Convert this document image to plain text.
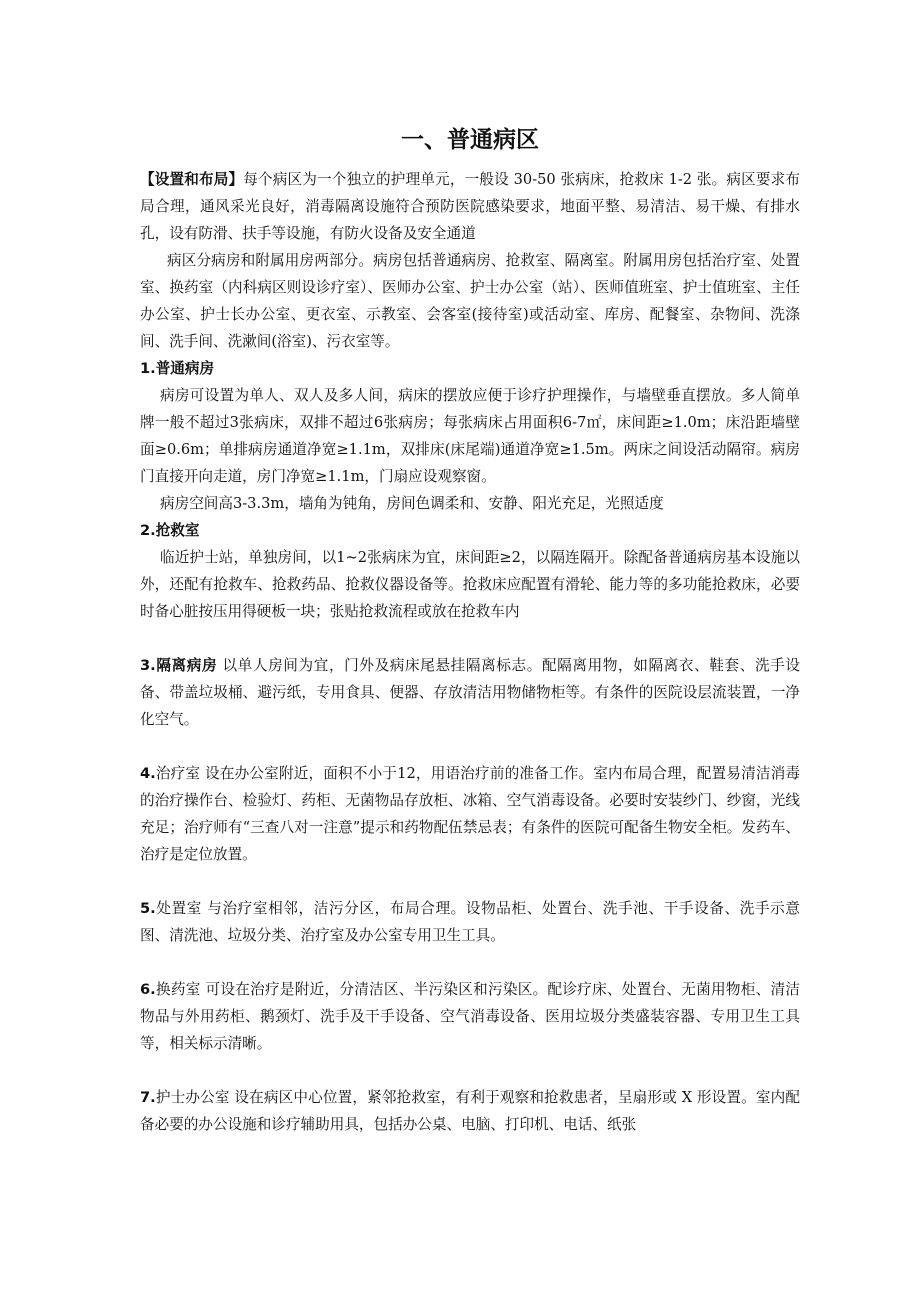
一、普通病区

【设置和布局】每个病区为一个独立的护理单元，一般设 30-50 张病床，抢救床 1-2 张。病区要求布局合理，通风采光良好，消毒隔离设施符合预防医院感染要求，地面平整、易清洁、易干燥、有排水孔，设有防滑、扶手等设施，有防火设备及安全通道

病区分病房和附属用房两部分。病房包括普通病房、抢救室、隔离室。附属用房包括治疗室、处置室、换药室（内科病区则设诊疗室）、医师办公室、护士办公室（站）、医师值班室、护士值班室、主任办公室、护士长办公室、更衣室、示教室、会客室(接待室)或活动室、库房、配餐室、杂物间、洗涤间、洗手间、洗漱间(浴室)、污衣室等。

1.普通病房

病房可设置为单人、双人及多人间，病床的摆放应便于诊疗护理操作，与墙壁垂直摆放。多人简单牌一般不超过3张病床，双排不超过6张病房；每张病床占用面积6-7㎡，床间距≥1.0m；床沿距墙壁面≥0.6m；单排病房通道净宽≥1.1m，双排床(床尾端)通道净宽≥1.5m。两床之间设活动隔帘。病房门直接开向走道，房门净宽≥1.1m，门扇应设观察窗。

病房空间高3-3.3m，墙角为钝角，房间色调柔和、安静、阳光充足，光照适度

2.抢救室

临近护士站，单独房间，以1~2张病床为宜，床间距≥2，以隔连隔开。除配备普通病房基本设施以外，还配有抢救车、抢救药品、抢救仪器设备等。抢救床应配置有滑轮、能力等的多功能抢救床，必要时备心脏按压用得硬板一块；张贴抢救流程或放在抢救车内

3.隔离病房 以单人房间为宜，门外及病床尾悬挂隔离标志。配隔离用物，如隔离衣、鞋套、洗手设备、带盖垃圾桶、避污纸，专用食具、便器、存放清洁用物储物柜等。有条件的医院设层流装置，一净化空气。

4.治疗室 设在办公室附近，面积不小于12，用语治疗前的准备工作。室内布局合理，配置易清洁消毒的治疗操作台、检验灯、药柜、无菌物品存放柜、冰箱、空气消毒设备。必要时安装纱门、纱窗，光线充足；治疗师有“三查八对一注意”提示和药物配伍禁忌表；有条件的医院可配备生物安全柜。发药车、治疗是定位放置。

5.处置室 与治疗室相邻，洁污分区，布局合理。设物品柜、处置台、洗手池、干手设备、洗手示意图、清洗池、垃圾分类、治疗室及办公室专用卫生工具。

6.换药室 可设在治疗是附近，分清洁区、半污染区和污染区。配诊疗床、处置台、无菌用物柜、清洁物品与外用药柜、鹅颈灯、洗手及干手设备、空气消毒设备、医用垃圾分类盛装容器、专用卫生工具等，相关标示清晰。

7.护士办公室 设在病区中心位置，紧邻抢救室，有利于观察和抢救患者，呈扇形或 X 形设置。室内配备必要的办公设施和诊疗辅助用具，包括办公桌、电脑、打印机、电话、纸张
